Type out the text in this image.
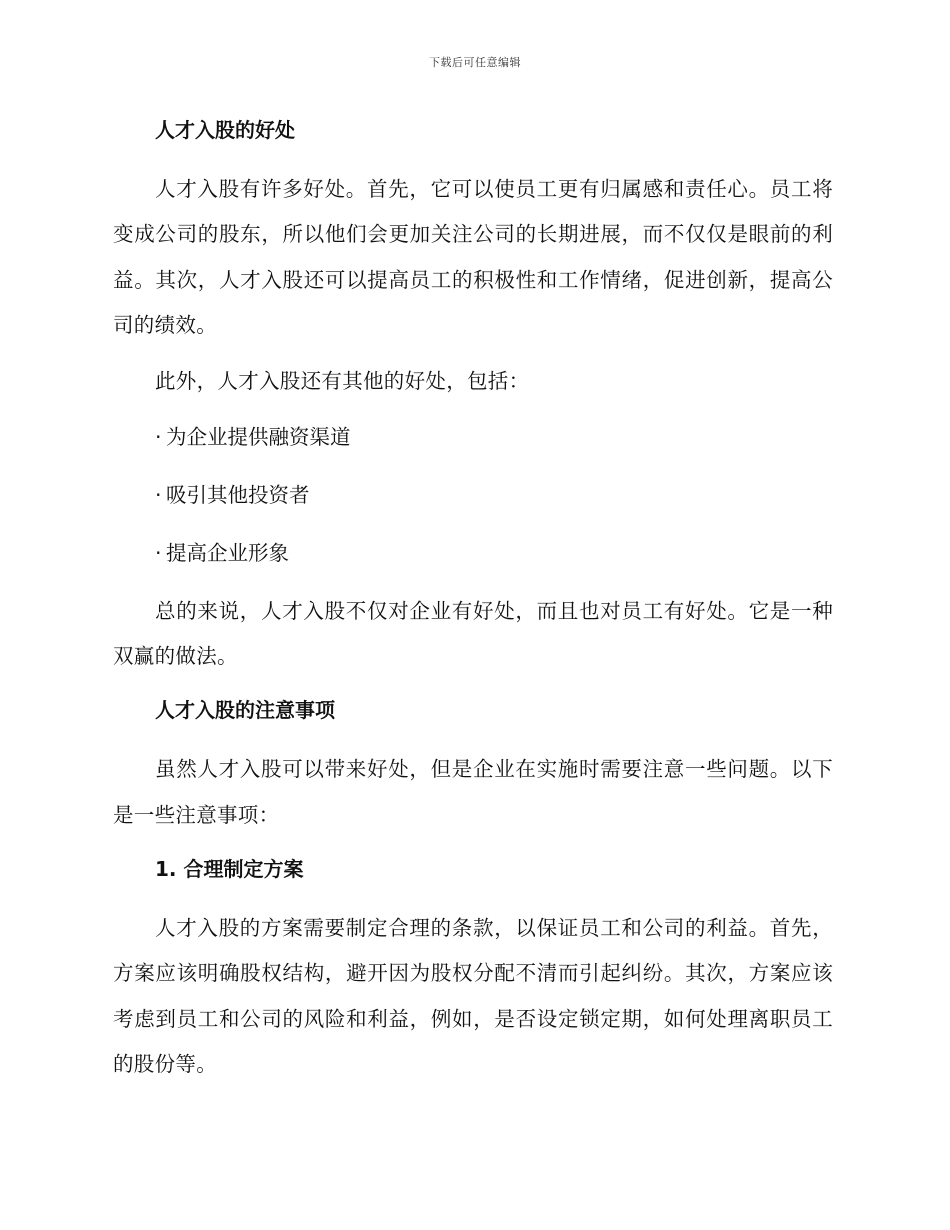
下载后可任意编辑
人才入股的好处

人才入股有许多好处。首先，它可以使员工更有归属感和责任心。员工将变成公司的股东，所以他们会更加关注公司的长期进展，而不仅仅是眼前的利益。其次，人才入股还可以提高员工的积极性和工作情绪，促进创新，提高公司的绩效。

此外，人才入股还有其他的好处，包括：

· 为企业提供融资渠道
· 吸引其他投资者
· 提高企业形象

总的来说，人才入股不仅对企业有好处，而且也对员工有好处。它是一种双赢的做法。

人才入股的注意事项

虽然人才入股可以带来好处，但是企业在实施时需要注意一些问题。以下是一些注意事项：

1. 合理制定方案

人才入股的方案需要制定合理的条款，以保证员工和公司的利益。首先，方案应该明确股权结构，避开因为股权分配不清而引起纠纷。其次，方案应该考虑到员工和公司的风险和利益，例如，是否设定锁定期，如何处理离职员工的股份等。
